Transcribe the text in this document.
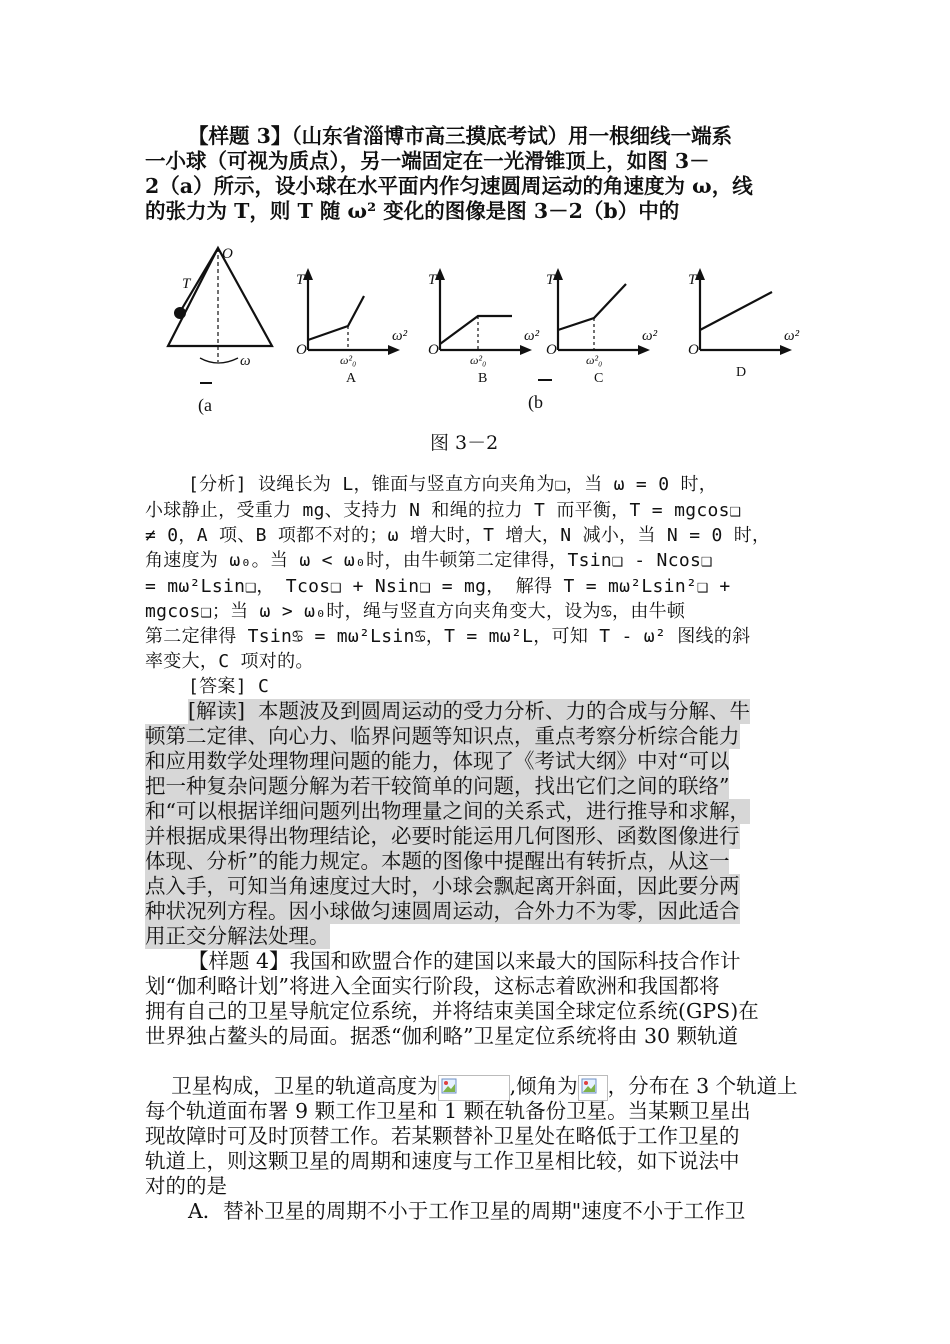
【样题 3】（山东省淄博市高三摸底考试）用一根细线一端系
一小球（可视为质点），另一端固定在一光滑锥顶上，如图 3－
2（a）所示，设小球在水平面内作匀速圆周运动的角速度为 ω，线
的张力为 T，则 T 随 ω² 变化的图像是图 3－2（b）中的
O
T
ω
T
O
ω²
ω²₀
T
O
ω²
ω²₀
T
O
ω²
ω²₀
T
O
ω²
A	B	C	D
(a	(b
图 3－2
[分析] 设绳长为 L，锥面与竖直方向夹角为❑，当 ω = 0 时，
小球静止，受重力 mg、支持力 N 和绳的拉力 T 而平衡，T = mgcos❑
≠ 0，A 项、B 项都不对的；ω 增大时，T 增大，N 减小，当 N = 0 时，
角速度为 ω₀。当 ω < ω₀时，由牛顿第二定律得，Tsin❑ - Ncos❑
= mω²Lsin❑， Tcos❑ + Nsin❑ = mg， 解得 T = mω²Lsin²❑ +
mgcos❑；当 ω > ω₀时，绳与竖直方向夹角变大，设为♋，由牛顿
第二定律得 Tsin♋ = mω²Lsin♋，T = mω²L，可知 T - ω² 图线的斜
率变大，C 项对的。
[答案] C
[解读]  本题波及到圆周运动的受力分析、力的合成与分解、牛
顿第二定律、向心力、临界问题等知识点，重点考察分析综合能力
和应用数学处理物理问题的能力，体现了《考试大纲》中对“可以
把一种复杂问题分解为若干较简单的问题，找出它们之间的联络”
和“可以根据详细问题列出物理量之间的关系式，进行推导和求解，
并根据成果得出物理结论，必要时能运用几何图形、函数图像进行
体现、分析”的能力规定。本题的图像中提醒出有转折点，从这一
点入手，可知当角速度过大时，小球会飘起离开斜面，因此要分两
种状况列方程。因小球做匀速圆周运动，合外力不为零，因此适合
用正交分解法处理。
【样题 4】我国和欧盟合作的建国以来最大的国际科技合作计
划“伽利略计划”将进入全面实行阶段，这标志着欧洲和我国都将
拥有自己的卫星导航定位系统，并将结束美国全球定位系统(GPS)在
世界独占鳌头的局面。据悉“伽利略”卫星定位系统将由 30 颗轨道

卫星构成，卫星的轨道高度为	,倾角为 ，分布在 3 个轨道上

每个轨道面布署 9 颗工作卫星和 1 颗在轨备份卫星。当某颗卫星出
现故障时可及时顶替工作。若某颗替补卫星处在略低于工作卫星的
轨道上，则这颗卫星的周期和速度与工作卫星相比较，如下说法中
对的的是
A．替补卫星的周期不小于工作卫星的周期"速度不小于工作卫
